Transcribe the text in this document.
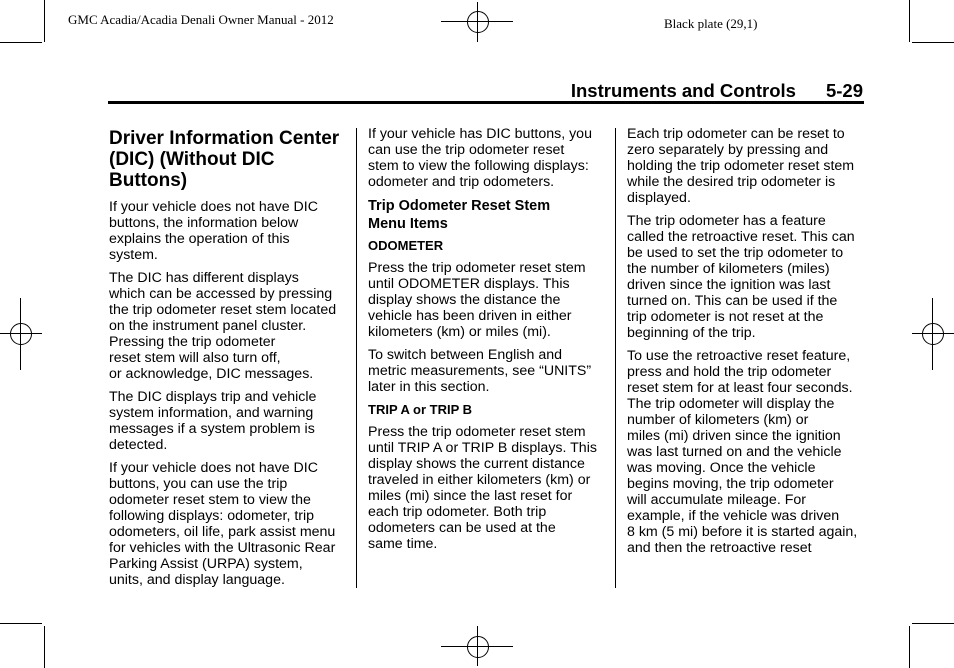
GMC Acadia/Acadia Denali Owner Manual - 2012	Black plate (29,1)
Instruments and Controls 5-29
Driver Information Center
(DIC) (Without DIC
Buttons)

If your vehicle does not have DIC
buttons, the information below
explains the operation of this
system.

The DIC has different displays
which can be accessed by pressing
the trip odometer reset stem located
on the instrument panel cluster.
Pressing the trip odometer
reset stem will also turn off,
or acknowledge, DIC messages.

The DIC displays trip and vehicle
system information, and warning
messages if a system problem is
detected.

If your vehicle does not have DIC
buttons, you can use the trip
odometer reset stem to view the
following displays: odometer, trip
odometers, oil life, park assist menu
for vehicles with the Ultrasonic Rear
Parking Assist (URPA) system,
units, and display language.

If your vehicle has DIC buttons, you
can use the trip odometer reset
stem to view the following displays:
odometer and trip odometers.

Trip Odometer Reset Stem
Menu Items
ODOMETER

Press the trip odometer reset stem
until ODOMETER displays. This
display shows the distance the
vehicle has been driven in either
kilometers (km) or miles (mi).

To switch between English and
metric measurements, see “UNITS”
later in this section.

TRIP A or TRIP B

Press the trip odometer reset stem
until TRIP A or TRIP B displays. This
display shows the current distance
traveled in either kilometers (km) or
miles (mi) since the last reset for
each trip odometer. Both trip
odometers can be used at the
same time.

Each trip odometer can be reset to
zero separately by pressing and
holding the trip odometer reset stem
while the desired trip odometer is
displayed.

The trip odometer has a feature
called the retroactive reset. This can
be used to set the trip odometer to
the number of kilometers (miles)
driven since the ignition was last
turned on. This can be used if the
trip odometer is not reset at the
beginning of the trip.

To use the retroactive reset feature,
press and hold the trip odometer
reset stem for at least four seconds.
The trip odometer will display the
number of kilometers (km) or
miles (mi) driven since the ignition
was last turned on and the vehicle
was moving. Once the vehicle
begins moving, the trip odometer
will accumulate mileage. For
example, if the vehicle was driven
8 km (5 mi) before it is started again,
and then the retroactive reset
